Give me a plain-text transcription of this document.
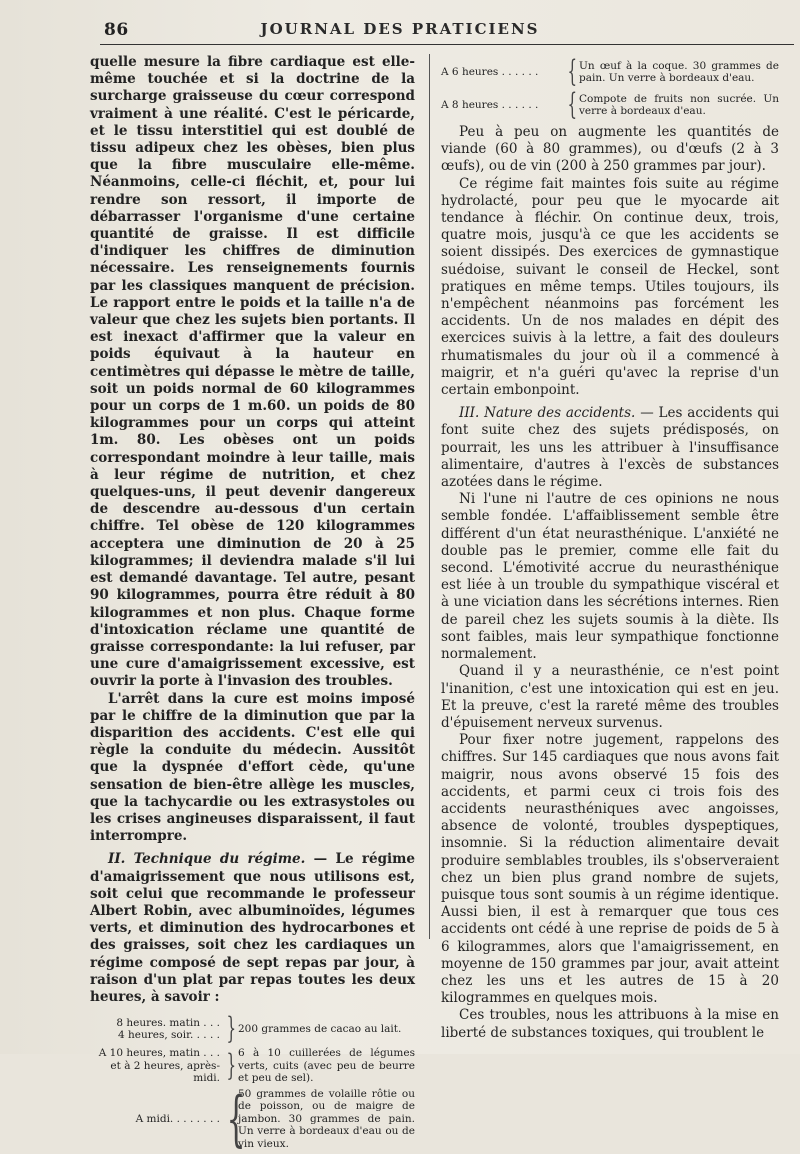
86	JOURNAL DES PRATICIENS

quelle mesure la fibre cardiaque est elle-même touchée et si la doctrine de la surcharge graisseuse du cœur correspond vraiment à une réalité. C'est le péricarde, et le tissu interstitiel qui est doublé de tissu adipeux chez les obèses, bien plus que la fibre musculaire elle-même. Néanmoins, celle-ci fléchit, et, pour lui rendre son ressort, il importe de débarrasser l'organisme d'une certaine quantité de graisse. Il est difficile d'indiquer les chiffres de diminution nécessaire. Les renseignements fournis par les classiques manquent de précision. Le rapport entre le poids et la taille n'a de valeur que chez les sujets bien portants. Il est inexact d'affirmer que la valeur en poids équivaut à la hauteur en centimètres qui dépasse le mètre de taille, soit un poids normal de 60 kilogrammes pour un corps de 1 m.60. un poids de 80 kilogrammes pour un corps qui atteint 1m. 80. Les obèses ont un poids correspondant moindre à leur taille, mais à leur régime de nutrition, et chez quelques-uns, il peut devenir dangereux de descendre au-dessous d'un certain chiffre. Tel obèse de 120 kilogrammes acceptera une diminution de 20 à 25 kilogrammes; il deviendra malade s'il lui est demandé davantage. Tel autre, pesant 90 kilogrammes, pourra être réduit à 80 kilogrammes et non plus. Chaque forme d'intoxication réclame une quantité de graisse correspondante: la lui refuser, par une cure d'amaigrissement excessive, est ouvrir la porte à l'invasion des troubles.

L'arrêt dans la cure est moins imposé par le chiffre de la diminution que par la disparition des accidents. C'est elle qui règle la conduite du médecin. Aussitôt que la dyspnée d'effort cède, qu'une sensation de bien-être allège les muscles, que la tachycardie ou les extrasystoles ou les crises angineuses disparaissent, il faut interrompre.

II. Technique du régime. — Le régime d'amaigrissement que nous utilisons est, soit celui que recommande le professeur Albert Robin, avec albuminoïdes, légumes verts, et diminution des hydrocarbones et des graisses, soit chez les cardiaques un régime composé de sept repas par jour, à raison d'un plat par repas toutes les deux heures, à savoir :

8 heures. matin . . .
4 heures, soir. . . . . } 200 grammes de cacao au lait.
A 10 heures, matin . . .
et à 2 heures, après-midi. } 6 à 10 cuillerées de légumes verts, cuits (avec peu de beurre et peu de sel).
A midi. . . . . . . . {
50 grammes de volaille rôtie ou de poisson, ou de maigre de jambon. 30 grammes de pain. Un verre à bordeaux d'eau ou de vin vieux.
A 6 heures . . . . . . { Un œuf à la coque. 30 grammes de pain. Un verre à bordeaux d'eau.
A 8 heures . . . . . . { Compote de fruits non sucrée. Un verre à bordeaux d'eau.

Peu à peu on augmente les quantités de viande (60 à 80 grammes), ou d'œufs (2 à 3 œufs), ou de vin (200 à 250 grammes par jour).

Ce régime fait maintes fois suite au régime hydrolacté, pour peu que le myocarde ait tendance à fléchir. On continue deux, trois, quatre mois, jusqu'à ce que les accidents se soient dissipés. Des exercices de gymnastique suédoise, suivant le conseil de Heckel, sont pratiques en même temps. Utiles toujours, ils n'empêchent néanmoins pas forcément les accidents. Un de nos malades en dépit des exercices suivis à la lettre, a fait des douleurs rhumatismales du jour où il a commencé à maigrir, et n'a guéri qu'avec la reprise d'un certain embonpoint.

III. Nature des accidents. — Les accidents qui font suite chez des sujets prédisposés, on pourrait, les uns les attribuer à l'insuffisance alimentaire, d'autres à l'excès de substances azotées dans le régime.

Ni l'une ni l'autre de ces opinions ne nous semble fondée. L'affaiblissement semble être différent d'un état neurasthénique. L'anxiété ne double pas le premier, comme elle fait du second. L'émotivité accrue du neurasthénique est liée à un trouble du sympathique viscéral et à une viciation dans les sécrétions internes. Rien de pareil chez les sujets soumis à la diète. Ils sont faibles, mais leur sympathique fonctionne normalement.

Quand il y a neurasthénie, ce n'est point l'inanition, c'est une intoxication qui est en jeu. Et la preuve, c'est la rareté même des troubles d'épuisement nerveux survenus.

Pour fixer notre jugement, rappelons des chiffres. Sur 145 cardiaques que nous avons fait maigrir, nous avons observé 15 fois des accidents, et parmi ceux ci trois fois des accidents neurasthéniques avec angoisses, absence de volonté, troubles dyspeptiques, insomnie. Si la réduction alimentaire devait produire semblables troubles, ils s'observeraient chez un bien plus grand nombre de sujets, puisque tous sont soumis à un régime identique. Aussi bien, il est à remarquer que tous ces accidents ont cédé à une reprise de poids de 5 à 6 kilogrammes, alors que l'amaigrissement, en moyenne de 150 grammes par jour, avait atteint chez les uns et les autres de 15 à 20 kilogrammes en quelques mois.

Ces troubles, nous les attribuons à la mise en liberté de substances toxiques, qui troublent le
